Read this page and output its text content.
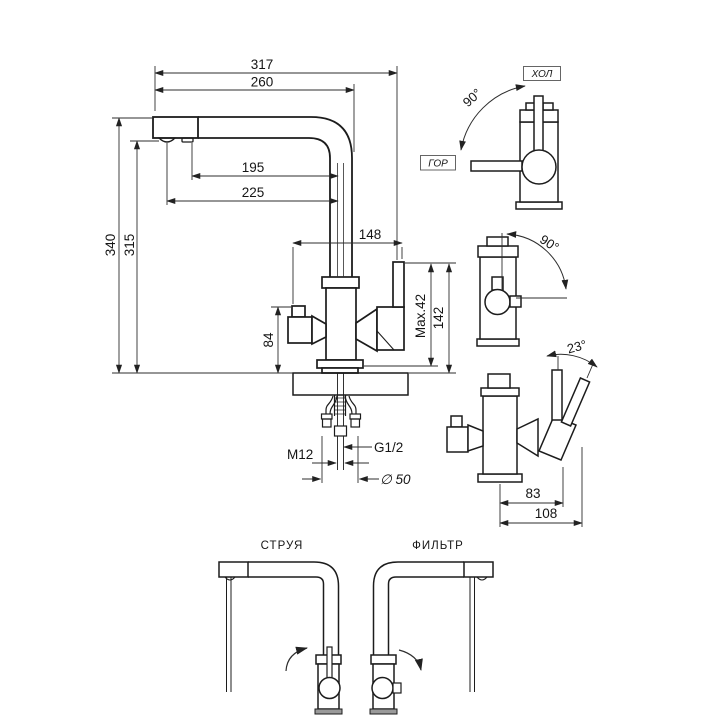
317
260
195
225
340 315
84
148
Max.42 142
G1/2
M12
∅ 50
ХОЛ
ГОР
90°
90°
23°
83
108
СТРУЯ	ФИЛЬТР
